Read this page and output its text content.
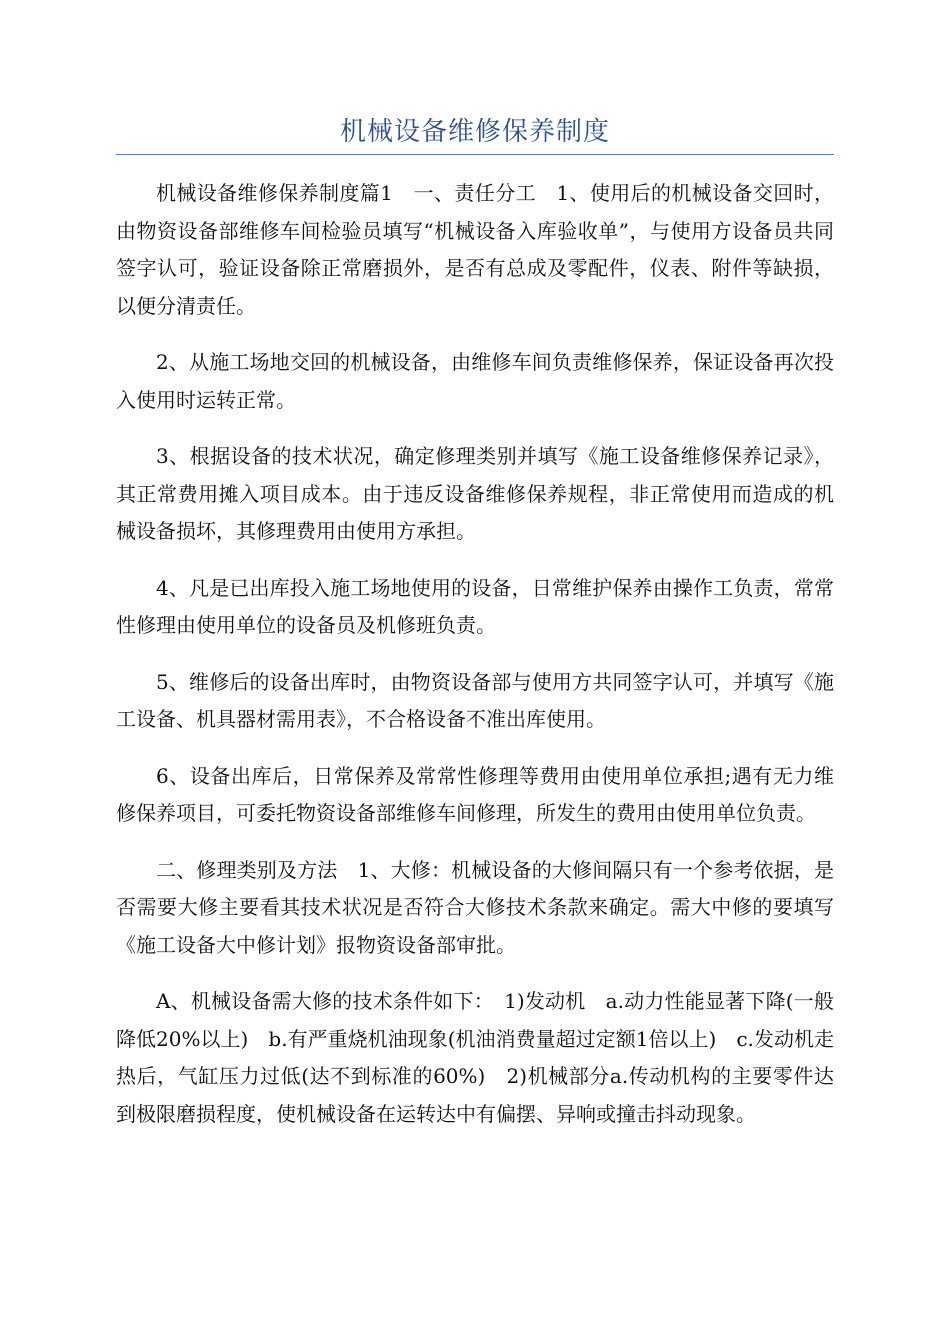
机械设备维修保养制度

机械设备维修保养制度篇1　一、责任分工　1、使用后的机械设备交回时，由物资设备部维修车间检验员填写“机械设备入库验收单”，与使用方设备员共同签字认可，验证设备除正常磨损外，是否有总成及零配件，仪表、附件等缺损，以便分清责任。

2、从施工场地交回的机械设备，由维修车间负责维修保养，保证设备再次投入使用时运转正常。

3、根据设备的技术状况，确定修理类别并填写《施工设备维修保养记录》，其正常费用摊入项目成本。由于违反设备维修保养规程，非正常使用而造成的机械设备损坏，其修理费用由使用方承担。

4、凡是已出库投入施工场地使用的设备，日常维护保养由操作工负责，常常性修理由使用单位的设备员及机修班负责。

5、维修后的设备出库时，由物资设备部与使用方共同签字认可，并填写《施工设备、机具器材需用表》，不合格设备不准出库使用。

6、设备出库后，日常保养及常常性修理等费用由使用单位承担;遇有无力维修保养项目，可委托物资设备部维修车间修理，所发生的费用由使用单位负责。

二、修理类别及方法　1、大修：机械设备的大修间隔只有一个参考依据，是否需要大修主要看其技术状况是否符合大修技术条款来确定。需大中修的要填写《施工设备大中修计划》报物资设备部审批。

A、机械设备需大修的技术条件如下：　1)发动机　a.动力性能显著下降(一般降低20%以上)　b.有严重烧机油现象(机油消费量超过定额1倍以上)　c.发动机走热后，气缸压力过低(达不到标准的60%)　2)机械部分a.传动机构的主要零件达到极限磨损程度，使机械设备在运转达中有偏摆、异响或撞击抖动现象。
